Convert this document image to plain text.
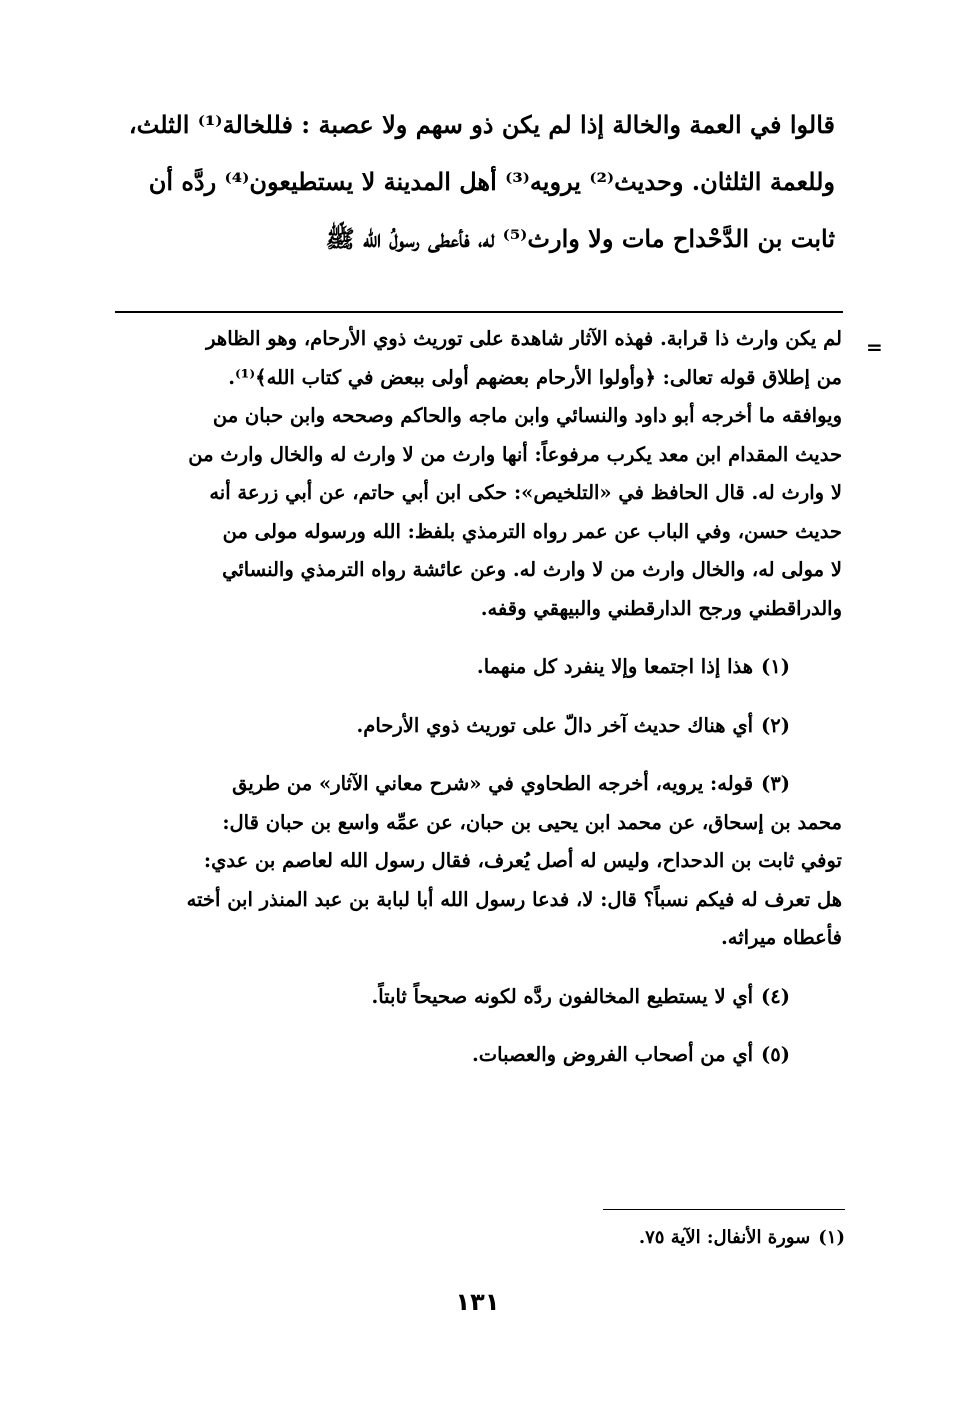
قالوا في العمة والخالة إذا لم يكن ذو سهم ولا عصبة : فللخالة⁽¹⁾ الثلث،

وللعمة الثلثان. وحديث⁽²⁾ يرويه⁽³⁾ أهل المدينة لا يستطيعون⁽⁴⁾ ردَّه أن

ثابت بن الدَّحْداح مات ولا وارث⁽⁵⁾ له، فأعطى رسولُ الله ﷺ

=

لم يكن وارث ذا قرابة. فهذه الآثار شاهدة على توريث ذوي الأرحام، وهو الظاهر

من إطلاق قوله تعالى: ﴿وأولوا الأرحام بعضهم أولى ببعض في كتاب الله﴾⁽¹⁾.

ويوافقه ما أخرجه أبو داود والنسائي وابن ماجه والحاكم وصححه وابن حبان من

حديث المقدام ابن معد يكرب مرفوعاً: أنها وارث من لا وارث له والخال وارث من

لا وارث له. قال الحافظ في «التلخيص»: حكى ابن أبي حاتم، عن أبي زرعة أنه

حديث حسن، وفي الباب عن عمر رواه الترمذي بلفظ: الله ورسوله مولى من

لا مولى له، والخال وارث من لا وارث له. وعن عائشة رواه الترمذي والنسائي

والدراقطني ورجح الدارقطني والبيهقي وقفه.

(١)هذا إذا اجتمعا وإلا ينفرد كل منهما.

(٢)أي هناك حديث آخر دالّ على توريث ذوي الأرحام.

(٣)قوله: يرويه، أخرجه الطحاوي في «شرح معاني الآثار» من طريق

محمد بن إسحاق، عن محمد ابن يحيى بن حبان، عن عمِّه واسع بن حبان قال:

توفي ثابت بن الدحداح، وليس له أصل يُعرف، فقال رسول الله لعاصم بن عدي:

هل تعرف له فيكم نسباً؟ قال: لا، فدعا رسول الله أبا لبابة بن عبد المنذر ابن أخته

فأعطاه ميراثه.

(٤)أي لا يستطيع المخالفون ردَّه لكونه صحيحاً ثابتاً.

(٥)أي من أصحاب الفروض والعصبات.

(١)سورة الأنفال: الآية ٧٥.
١٣١
